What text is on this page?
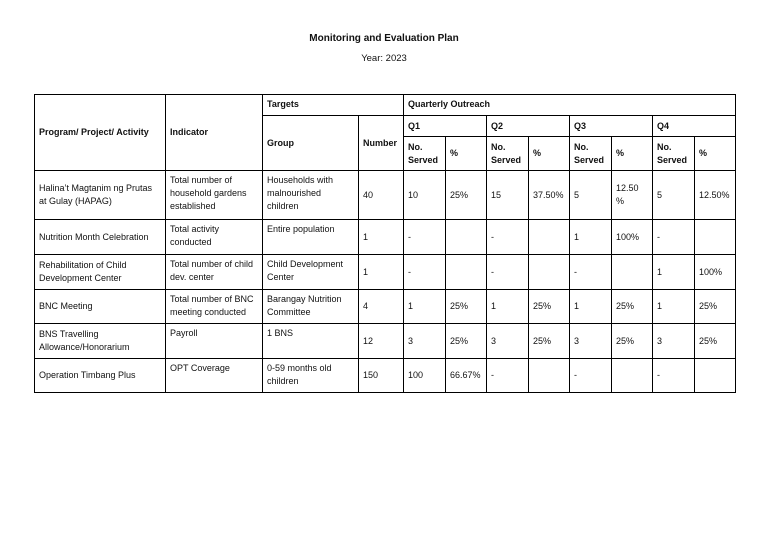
Monitoring and Evaluation Plan
Year: 2023
Program/ Project/ Activity	Indicator	Targets		Quarterly Outreach							
		Group	Number	Q1		Q2		Q3		Q4	
				No. Served	%	No. Served	%	No. Served	%	No. Served	%
Halina’t Magtanim ng Prutas at Gulay (HAPAG)	Total number of household gardens established	Households with malnourished children	40	10	25%	15	37.50%	5	12.50 %	5	12.50%
Nutrition Month Celebration	Total activity conducted	Entire population	1	-		-		1	100%	-	
Rehabilitation of Child Development Center	Total number of child dev. center	Child Development Center	1	-		-		-		1	100%
BNC Meeting	Total number of BNC meeting conducted	Barangay Nutrition Committee	4	1	25%	1	25%	1	25%	1	25%
BNS Travelling Allowance/Honorarium	Payroll	1 BNS	12	3	25%	3	25%	3	25%	3	25%
Operation Timbang Plus	OPT Coverage	0-59 months old children	150	100	66.67%	-		-		-	
